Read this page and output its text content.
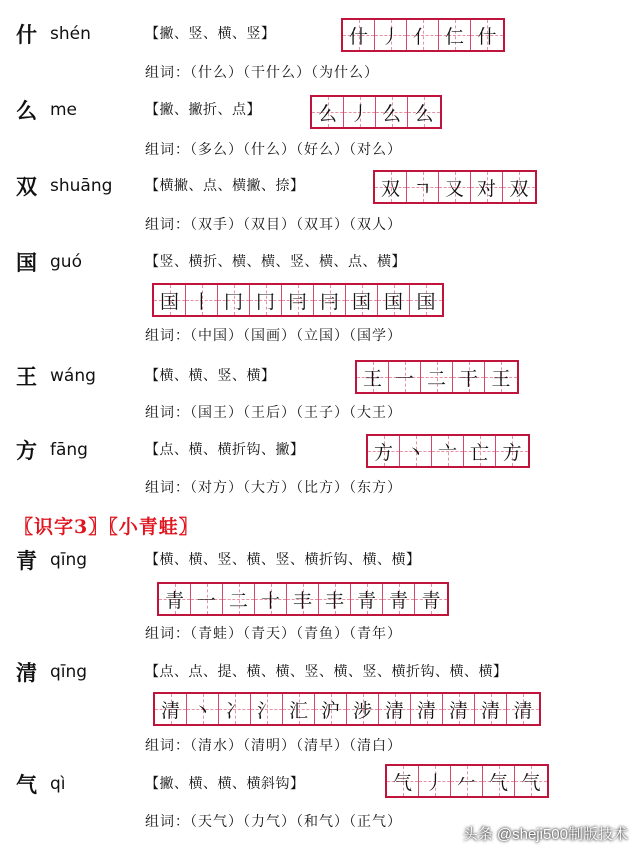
什 shén	【撇、竖、横、竖】	什 丿 亻 仁 什
组词：（什么）（干什么）（为什么）
么 me	【撇、撇折、点】	么 丿 么 么
组词：（多么）（什么）（好么）（对么）
双 shuāng 【横撇、点、横撇、捺】	双 ㄱ 又 对 双
组词：（双手）（双目）（双耳）（双人）
国 guó	【竖、横折、横、横、竖、横、点、横】
国 丨 冂 冂 冃 冃 国 国 国
组词：（中国）（国画）（立国）（国学）
王 wáng	【横、横、竖、横】	王 一 二 干 王
组词：（国王）（王后）（王子）（大王）
方 fāng	【点、横、横折钩、撇】	方 丶 亠 亡 方
组词：（对方）（大方）（比方）（东方）
青 qīng	【横、横、竖、横、竖、横折钩、横、横】
青 一 二 十 丰 丰 青 青 青
组词：（青蛙）（青天）（青鱼）（青年）
清 qīng	【点、点、提、横、横、竖、横、竖、横折钩、横、横】
清 丶 冫 氵 汇 沪 涉 清 清 清 清 清
组词：（清水）（清明）（清早）（清白）
气 qì	【撇、横、横、横斜钩】	气 丿 𠂉 气 气
组词：（天气）（力气）（和气）（正气）
〖识字3〗〖小青蛙〗
头条 @sheji500制版技术
